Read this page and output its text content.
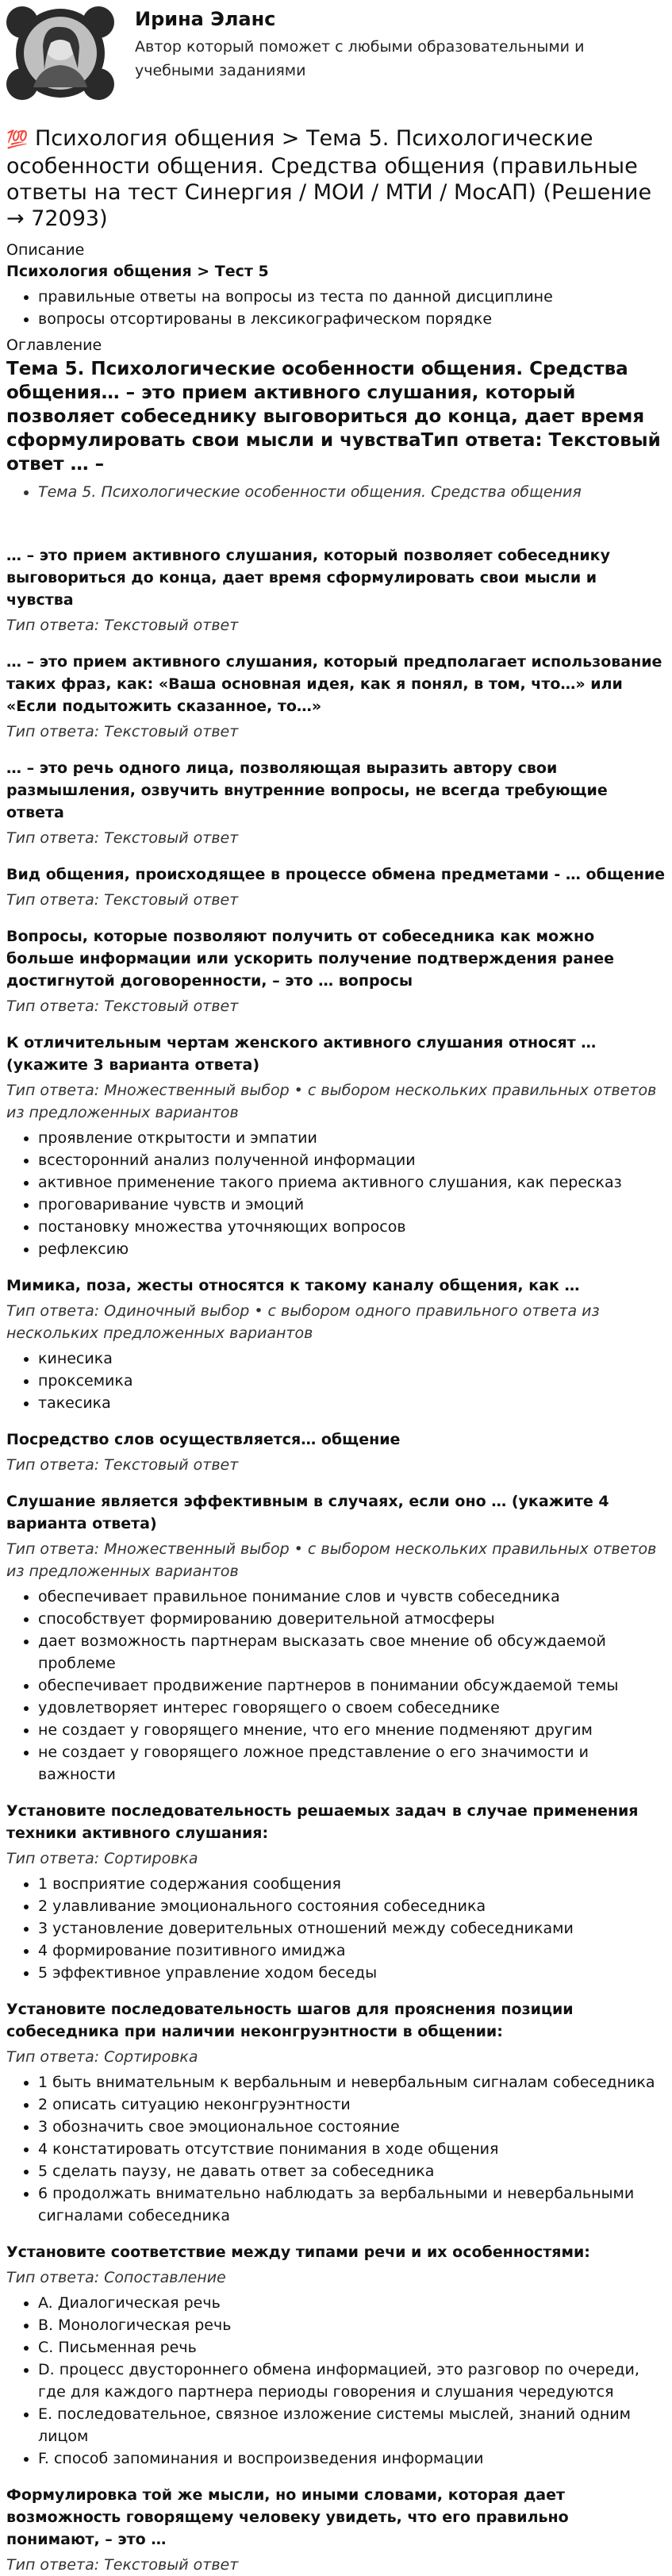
Ирина Эланс
Автор который поможет с любыми образовательными и учебными заданиями
💯 Психология общения > Тема 5. Психологические особенности общения. Средства общения (правильные ответы на тест Синергия / МОИ / МТИ / МосАП) (Решение → 72093)
Описание
Психология общения > Тест 5
• правильные ответы на вопросы из теста по данной дисциплине
• вопросы отсортированы в лексикографическом порядке
Оглавление
Тема 5. Психологические особенности общения. Средства общения… – это прием активного слушания, который позволяет собеседнику выговориться до конца, дает время сформулировать свои мысли и чувстваТип ответа: Текстовый ответ … –
• Тема 5. Психологические особенности общения. Средства общения
… – это прием активного слушания, который позволяет собеседнику выговориться до конца, дает время сформулировать свои мысли и чувства
Тип ответа: Текстовый ответ
… – это прием активного слушания, который предполагает использование таких фраз, как: «Ваша основная идея, как я понял, в том, что…» или «Если подытожить сказанное, то…»
Тип ответа: Текстовый ответ
… – это речь одного лица, позволяющая выразить автору свои размышления, озвучить внутренние вопросы, не всегда требующие ответа
Тип ответа: Текстовый ответ
Вид общения, происходящее в процессе обмена предметами - … общение
Тип ответа: Текстовый ответ
Вопросы, которые позволяют получить от собеседника как можно больше информации или ускорить получение подтверждения ранее достигнутой договоренности, – это … вопросы
Тип ответа: Текстовый ответ
К отличительным чертам женского активного слушания относят … (укажите 3 варианта ответа)
Тип ответа: Множественный выбор • с выбором нескольких правильных ответов из предложенных вариантов
• проявление открытости и эмпатии
• всесторонний анализ полученной информации
• активное применение такого приема активного слушания, как пересказ
• проговаривание чувств и эмоций
• постановку множества уточняющих вопросов
• рефлексию
Мимика, поза, жесты относятся к такому каналу общения, как …
Тип ответа: Одиночный выбор • с выбором одного правильного ответа из нескольких предложенных вариантов
• кинесика
• проксемика
• такесика
Посредство слов осуществляется… общение
Тип ответа: Текстовый ответ
Слушание является эффективным в случаях, если оно … (укажите 4 варианта ответа)
Тип ответа: Множественный выбор • с выбором нескольких правильных ответов из предложенных вариантов
• обеспечивает правильное понимание слов и чувств собеседника
• способствует формированию доверительной атмосферы
• дает возможность партнерам высказать свое мнение об обсуждаемой проблеме
• обеспечивает продвижение партнеров в понимании обсуждаемой темы
• удовлетворяет интерес говорящего о своем собеседнике
• не создает у говорящего мнение, что его мнение подменяют другим
• не создает у говорящего ложное представление о его значимости и важности
Установите последовательность решаемых задач в случае применения техники активного слушания:
Тип ответа: Сортировка
• 1 восприятие содержания сообщения
• 2 улавливание эмоционального состояния собеседника
• 3 установление доверительных отношений между собеседниками
• 4 формирование позитивного имиджа
• 5 эффективное управление ходом беседы
Установите последовательность шагов для прояснения позиции собеседника при наличии неконгруэнтности в общении:
Тип ответа: Сортировка
• 1 быть внимательным к вербальным и невербальным сигналам собеседника
• 2 описать ситуацию неконгруэнтности
• 3 обозначить свое эмоциональное состояние
• 4 констатировать отсутствие понимания в ходе общения
• 5 сделать паузу, не давать ответ за собеседника
• 6 продолжать внимательно наблюдать за вербальными и невербальными сигналами собеседника
Установите соответствие между типами речи и их особенностями:
Тип ответа: Сопоставление
• A. Диалогическая речь
• B. Монологическая речь
• C. Письменная речь
• D. процесс двустороннего обмена информацией, это разговор по очереди, где для каждого партнера периоды говорения и слушания чередуются
• E. последовательное, связное изложение системы мыслей, знаний одним лицом
• F. способ запоминания и воспроизведения информации
Формулировка той же мысли, но иными словами, которая дает возможность говорящему человеку увидеть, что его правильно понимают, – это …
Тип ответа: Текстовый ответ
